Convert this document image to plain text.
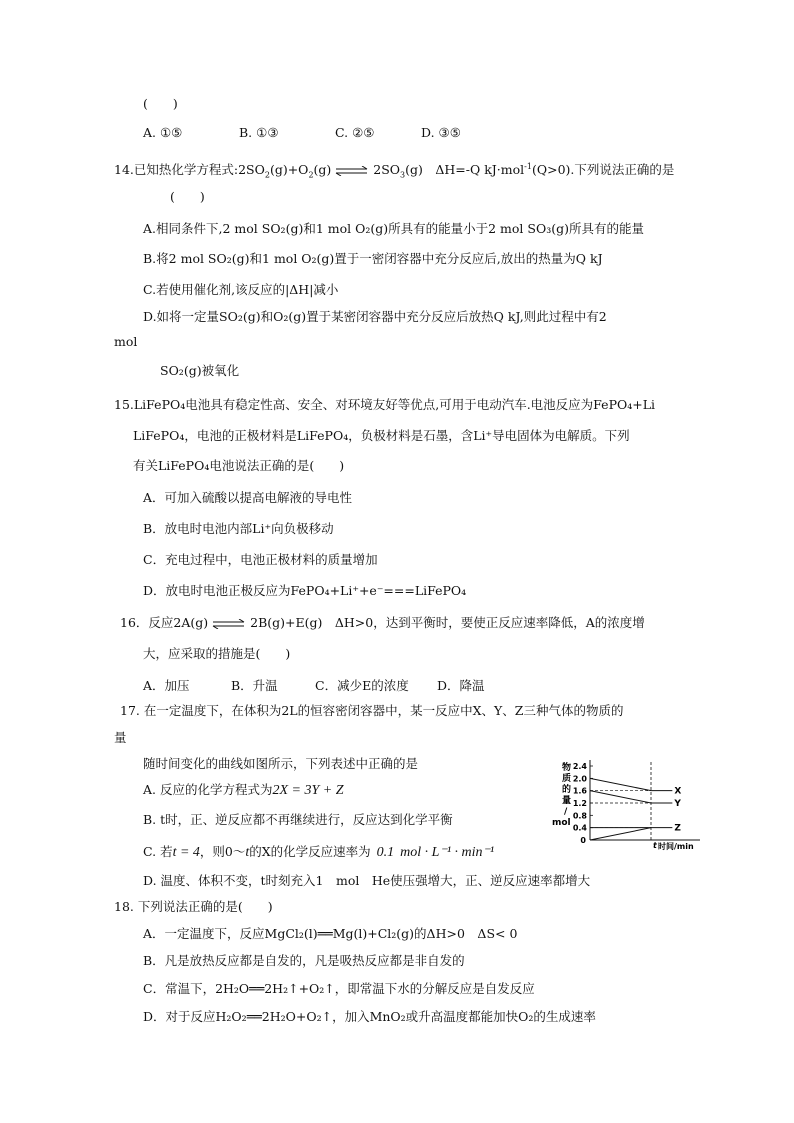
(　　)
A. ①⑤	B. ①③	C. ②⑤	D. ③⑤
14.已知热化学方程式$:2SO_2(g)+O_2(g)$ ⇌ $2SO_3(g)$　ΔH=-Q kJ·mol$^{-1}$(Q>0).下列说法正确的是
(　　)
A.相同条件下,2 mol SO₂(g)和1 mol O₂(g)所具有的能量小于2 mol SO₃(g)所具有的能量
B.将2 mol SO₂(g)和1 mol O₂(g)置于一密闭容器中充分反应后,放出的热量为Q kJ
C.若使用催化剂,该反应的|ΔH|减小
D.如将一定量SO₂(g)和O₂(g)置于某密闭容器中充分反应后放热Q kJ,则此过程中有2
mol
SO₂(g)被氧化
15.LiFePO₄电池具有稳定性高、安全、对环境友好等优点,可用于电动汽车.电池反应为FePO₄+Li
LiFePO₄，电池的正极材料是LiFePO₄，负极材料是石墨，含Li⁺导电固体为电解质。下列
有关LiFePO₄电池说法正确的是(　　)
A．可加入硫酸以提高电解液的导电性
B．放电时电池内部Li⁺向负极移动
C．充电过程中，电池正极材料的质量增加
D．放电时电池正极反应为FePO₄+Li⁺+e⁻===LiFePO₄
16．反应2A(g) ⇌ 2B(g)+E(g)　ΔH>0，达到平衡时，要使正反应速率降低，A的浓度增
大，应采取的措施是(　　)
A．加压	B．升温	C．减少E的浓度 D．降温
17. 在一定温度下，在体积为2L的恒容密闭容器中，某一反应中X、Y、Z三种气体的物质的
量
随时间变化的曲线如图所示，下列表述中正确的是
A. 反应的化学方程式为2X = 3Y + Z
B. t时，正、逆反应都不再继续进行，反应达到化学平衡
C. 若t = 4，则0～t的X的化学反应速率为 0.1 mol · L⁻¹ · min⁻¹
D. 温度、体积不变，t时刻充入1　mol　He使压强增大，正、逆反应速率都增大
物
质
的
量
/
mol
2.4
2.0
1.6
1.2
0.8
0.4
0
t 时间/min
X
Y
Z
18. 下列说法正确的是(　　)
A．一定温度下，反应MgCl₂(l)══Mg(l)+Cl₂(g)的ΔH>0　ΔS< 0
B．凡是放热反应都是自发的，凡是吸热反应都是非自发的
C．常温下，2H₂O══2H₂↑+O₂↑，即常温下水的分解反应是自发反应
D．对于反应H₂O₂══2H₂O+O₂↑，加入MnO₂或升高温度都能加快O₂的生成速率
